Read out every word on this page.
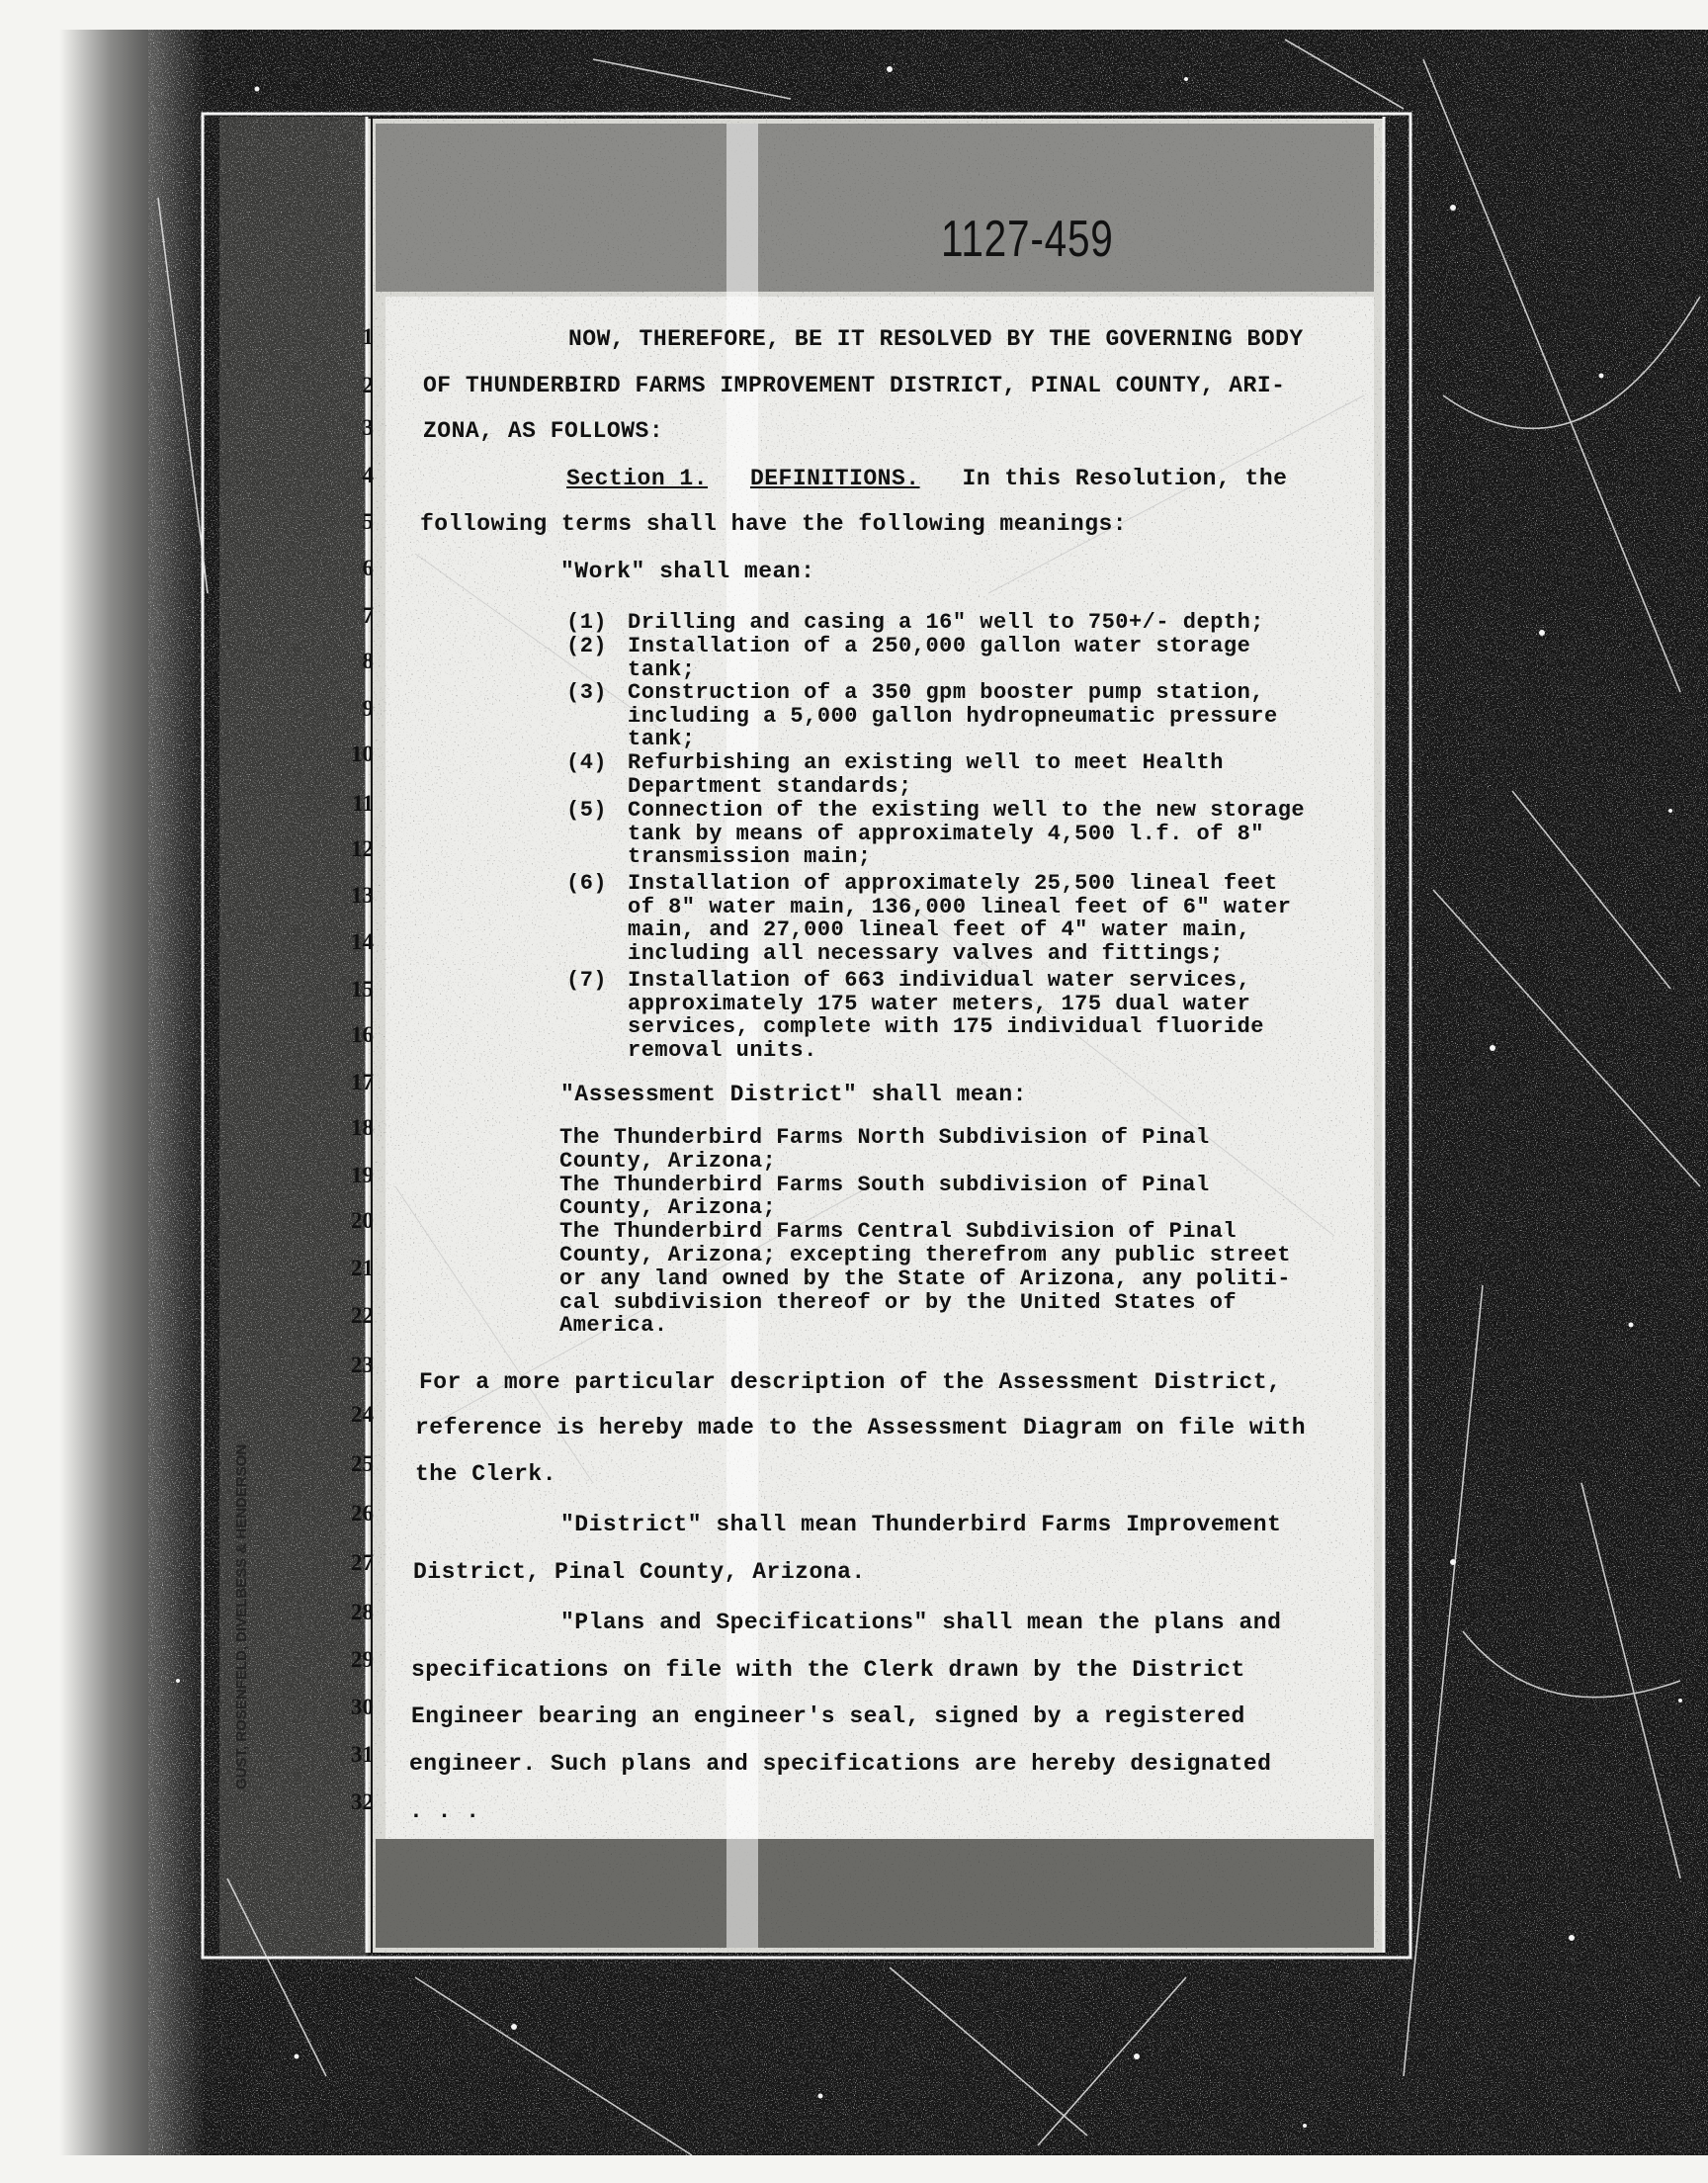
1127-459
GUST, ROSENFELD, DIVELBESS & HENDERSON
1
2
3
4
5
6
7
8
9
10
11
12
13
14
15
16
17
18
19
20
21
22
23
24
25
26
27
28
29
30
31
32
NOW, THEREFORE, BE IT RESOLVED BY THE GOVERNING BODY
OF THUNDERBIRD FARMS IMPROVEMENT DISTRICT, PINAL COUNTY, ARI-
ZONA, AS FOLLOWS:
Section 1. DEFINITIONS. In this Resolution, the
following terms shall have the following meanings:
"Work" shall mean:
(1) Drilling and casing a 16" well to 750+/- depth;
(2) Installation of a 250,000 gallon water storage
tank;
(3) Construction of a 350 gpm booster pump station,
including a 5,000 gallon hydropneumatic pressure
tank;
(4) Refurbishing an existing well to meet Health
Department standards;
(5) Connection of the existing well to the new storage
tank by means of approximately 4,500 l.f. of 8"
transmission main;
(6) Installation of approximately 25,500 lineal feet
of 8" water main, 136,000 lineal feet of 6" water
main, and 27,000 lineal feet of 4" water main,
including all necessary valves and fittings;
(7) Installation of 663 individual water services,
approximately 175 water meters, 175 dual water
services, complete with 175 individual fluoride
removal units.
"Assessment District" shall mean:
The Thunderbird Farms North Subdivision of Pinal
County, Arizona;
The Thunderbird Farms South subdivision of Pinal
County, Arizona;
The Thunderbird Farms Central Subdivision of Pinal
County, Arizona; excepting therefrom any public street
or any land owned by the State of Arizona, any politi-
cal subdivision thereof or by the United States of
America.
For a more particular description of the Assessment District,
reference is hereby made to the Assessment Diagram on file with
the Clerk.
"District" shall mean Thunderbird Farms Improvement
District, Pinal County, Arizona.
"Plans and Specifications" shall mean the plans and
specifications on file with the Clerk drawn by the District
Engineer bearing an engineer's seal, signed by a registered
engineer. Such plans and specifications are hereby designated
. . .
